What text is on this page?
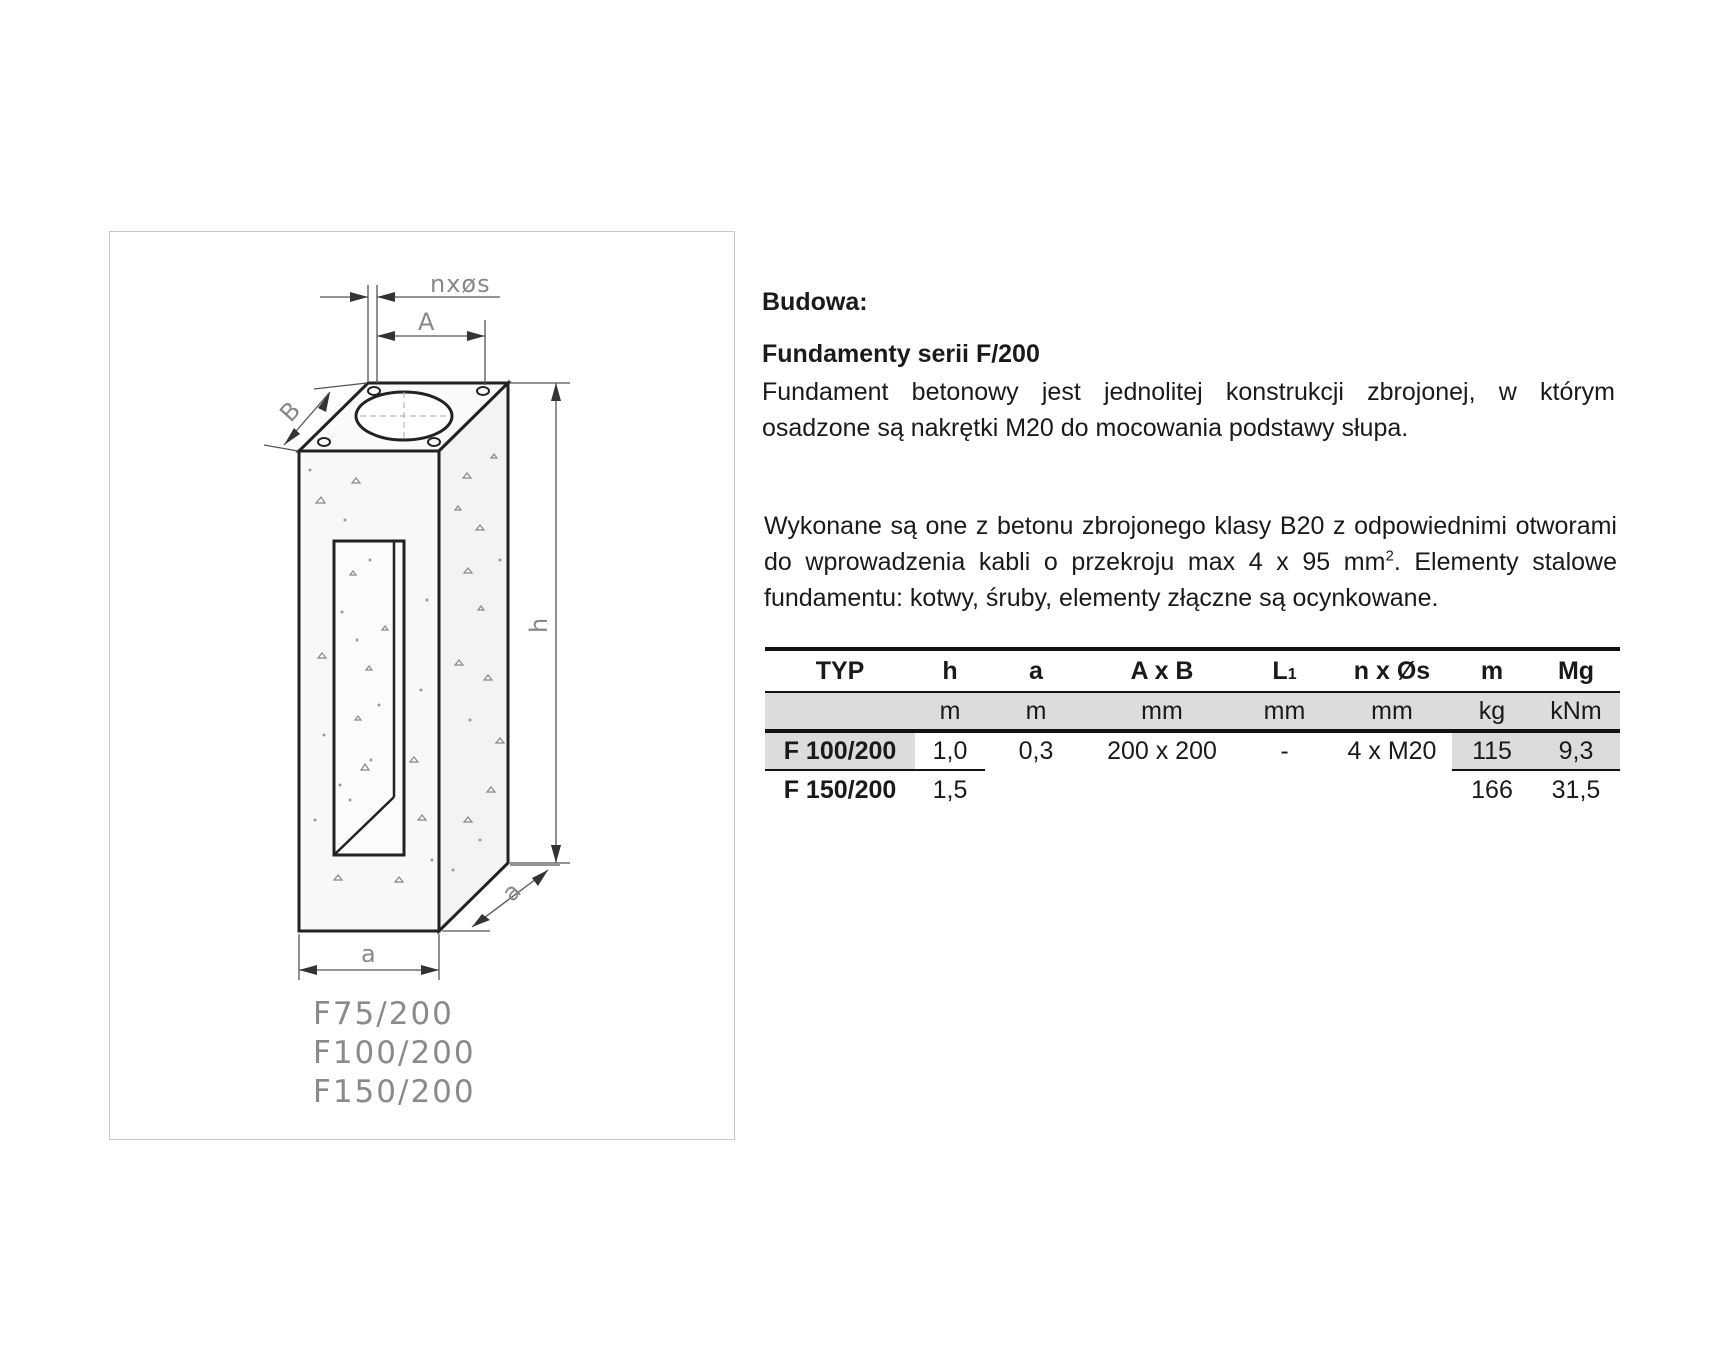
nxøs
A
B
h
a
a
F75/200
F100/200
F150/200
Budowa:
Fundamenty serii F/200
Fundament betonowy jest jednolitej konstrukcji zbrojonej, w którym osadzone są nakrętki M20 do mocowania podstawy słupa.
Wykonane są one z betonu zbrojonego klasy B20 z odpowiednimi otworami do wprowadzenia kabli o przekroju max 4 x 95 $mm^2$. Elementy stalowe fundamentu: kotwy, śruby, elementy złączne są ocynkowane.
TYP	h	a	A x B	L1	n x Øs	m	Mg
	m	m	mm	mm	mm	kg	kNm
F 100/200	1,0	0,3	200 x 200	-	4 x M20	115	9,3
F 150/200	1,5					166	31,5
